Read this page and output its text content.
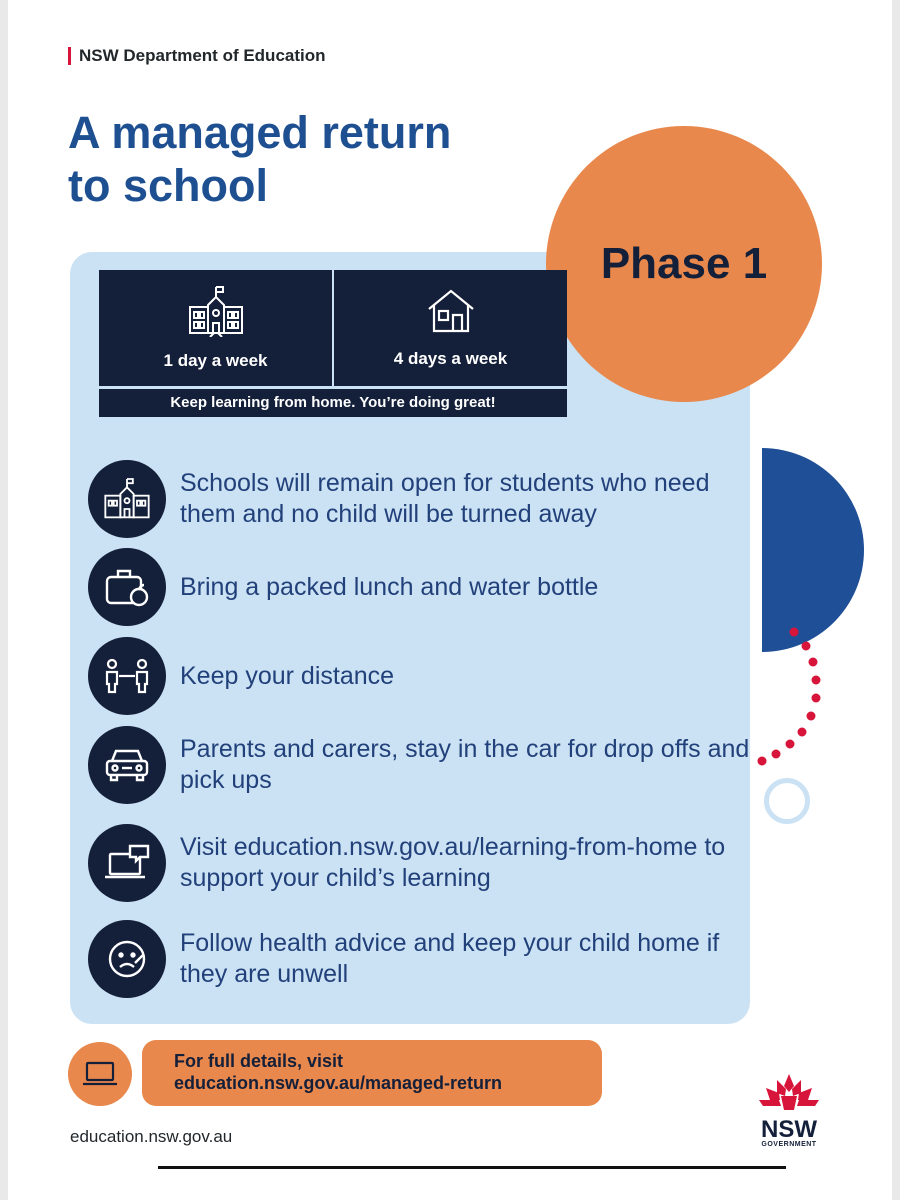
NSW Department of Education
A managed return
to school
Phase 1
1 day a week	4 days a week
Keep learning from home. You’re doing great!
Schools will remain open for students who need them and no child will be turned away
Bring a packed lunch and water bottle
Keep your distance
Parents and carers, stay in the car for drop offs and pick ups
Visit education.nsw.gov.au/learning-from-home to support your child’s learning
Follow health advice and keep your child home if they are unwell
For full details, visit
education.nsw.gov.au/managed-return
education.nsw.gov.au	NSW
GOVERNMENT
